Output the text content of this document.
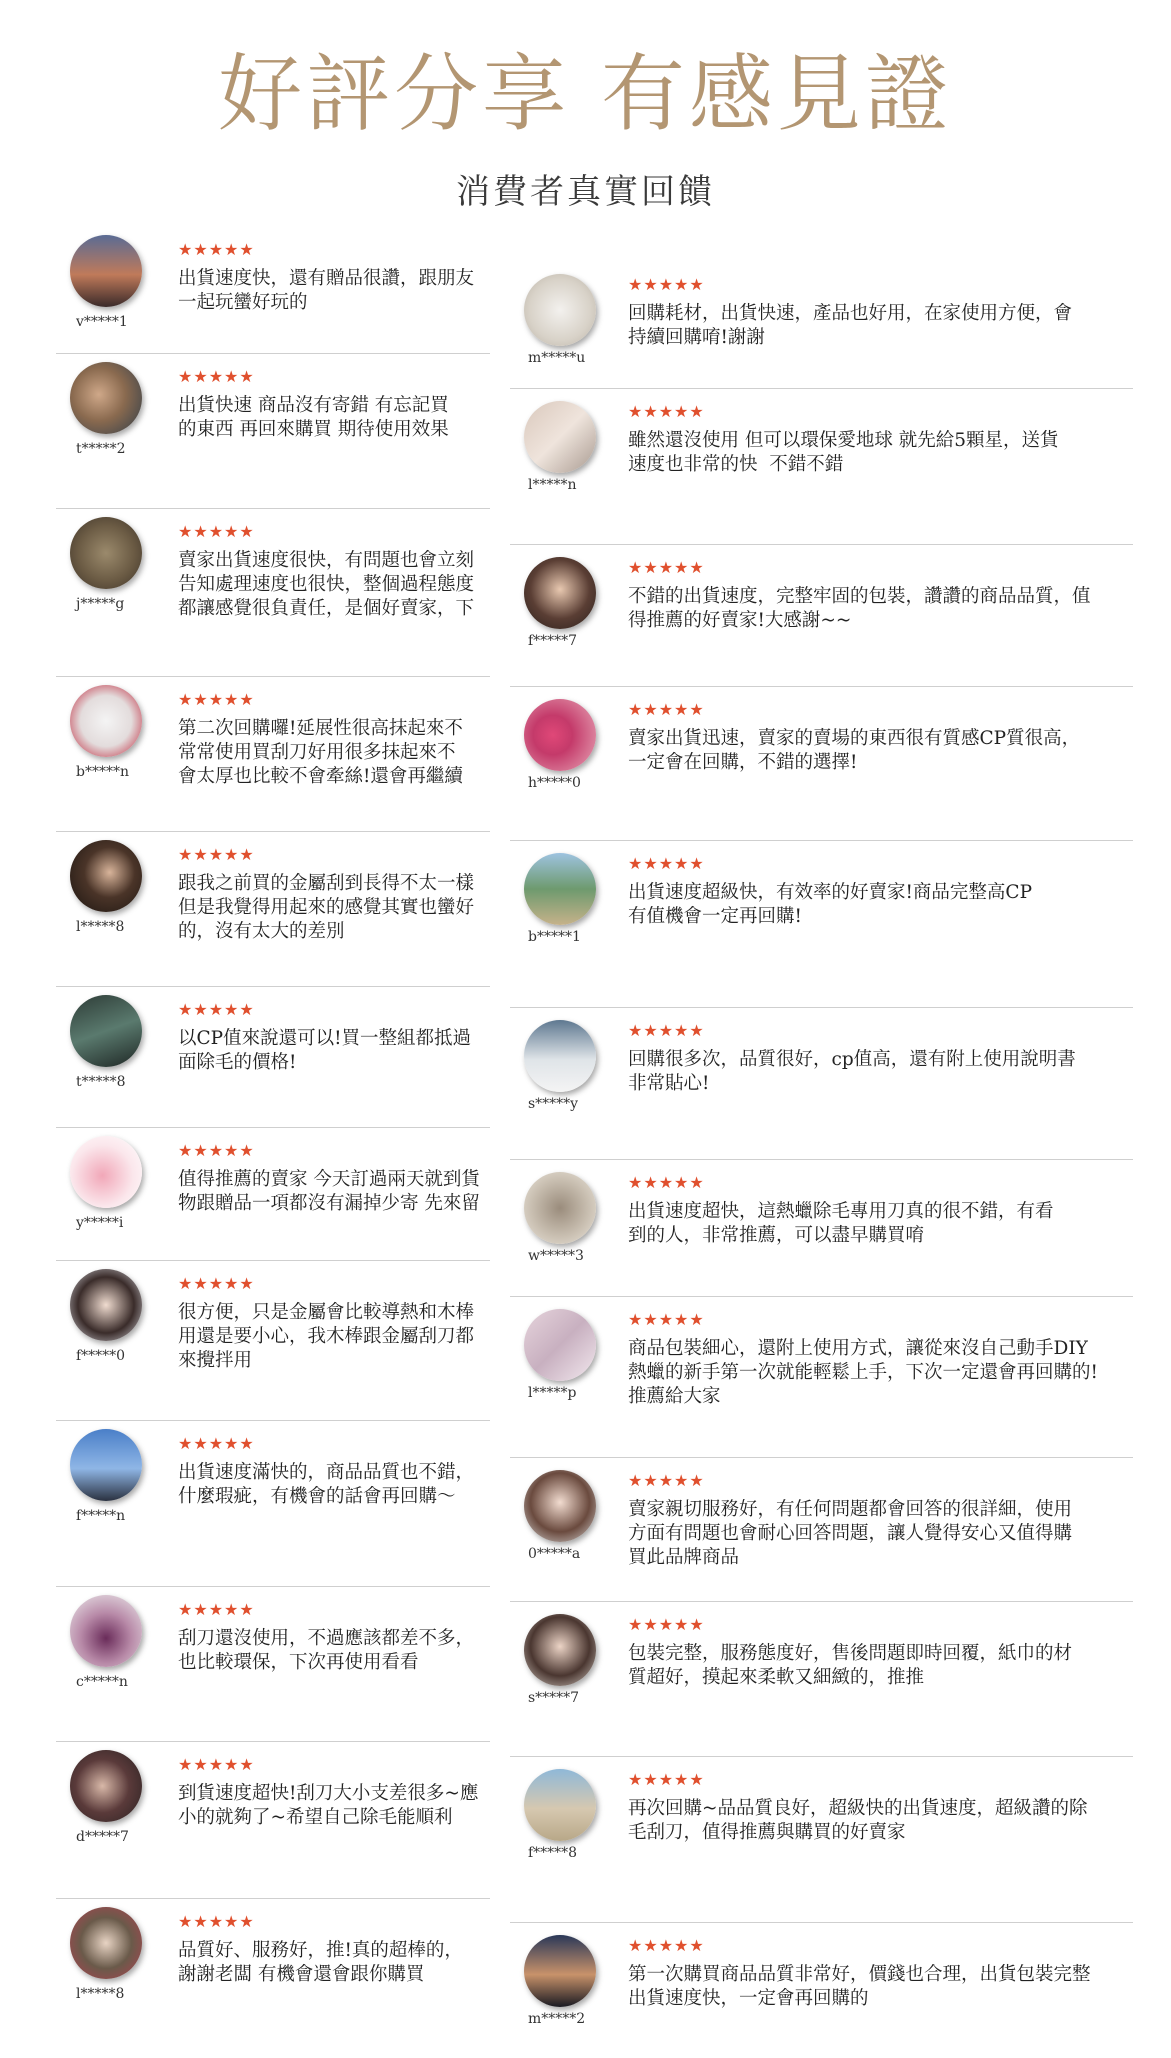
好評分享 有感見證
消費者真實回饋
v*****1
★★★★★
出貨速度快，還有贈品很讚，跟朋友
一起玩蠻好玩的
t*****2
★★★★★
出貨快速 商品沒有寄錯 有忘記買
的東西 再回來購買 期待使用效果
j*****g
★★★★★
賣家出貨速度很快，有問題也會立刻
告知處理速度也很快，整個過程態度
都讓感覺很負責任，是個好賣家，下
b*****n
★★★★★
第二次回購囉!延展性很高抹起來不
常常使用買刮刀好用很多抹起來不
會太厚也比較不會牽絲!還會再繼續
l*****8
★★★★★
跟我之前買的金屬刮到長得不太一樣
但是我覺得用起來的感覺其實也蠻好
的，沒有太大的差別
t*****8
★★★★★
以CP值來說還可以!買一整組都抵過
面除毛的價格!
y*****i
★★★★★
值得推薦的賣家 今天訂過兩天就到貨
物跟贈品一項都沒有漏掉少寄 先來留
f*****0
★★★★★
很方便，只是金屬會比較導熱和木棒
用還是要小心，我木棒跟金屬刮刀都
來攪拌用
f*****n
★★★★★
出貨速度滿快的，商品品質也不錯，
什麼瑕疵，有機會的話會再回購～
c*****n
★★★★★
刮刀還沒使用，不過應該都差不多，
也比較環保，下次再使用看看
d*****7
★★★★★
到貨速度超快!刮刀大小支差很多~應
小的就夠了~希望自己除毛能順利
l*****8
★★★★★
品質好、服務好，推!真的超棒的，
謝謝老闆 有機會還會跟你購買
m*****u
★★★★★
回購耗材，出貨快速，產品也好用，在家使用方便，會
持續回購唷!謝謝
l*****n
★★★★★
雖然還沒使用 但可以環保愛地球 就先給5顆星，送貨
速度也非常的快  不錯不錯
f*****7
★★★★★
不錯的出貨速度，完整牢固的包裝，讚讚的商品品質，值
得推薦的好賣家!大感謝~~
h*****0
★★★★★
賣家出貨迅速，賣家的賣場的東西很有質感CP質很高，
一定會在回購，不錯的選擇!
b*****1
★★★★★
出貨速度超級快，有效率的好賣家!商品完整高CP
有值機會一定再回購!
s*****y
★★★★★
回購很多次，品質很好，cp值高，還有附上使用說明書
非常貼心!
w*****3
★★★★★
出貨速度超快，這熱蠟除毛專用刀真的很不錯，有看
到的人，非常推薦，可以盡早購買唷
l*****p
★★★★★
商品包裝細心，還附上使用方式，讓從來沒自己動手DIY
熱蠟的新手第一次就能輕鬆上手，下次一定還會再回購的!
推薦給大家
0*****a
★★★★★
賣家親切服務好，有任何問題都會回答的很詳細，使用
方面有問題也會耐心回答問題，讓人覺得安心又值得購
買此品牌商品
s*****7
★★★★★
包裝完整，服務態度好，售後問題即時回覆，紙巾的材
質超好，摸起來柔軟又細緻的，推推
f*****8
★★★★★
再次回購~品品質良好，超級快的出貨速度，超級讚的除
毛刮刀，值得推薦與購買的好賣家
m*****2
★★★★★
第一次購買商品品質非常好，價錢也合理，出貨包裝完整
出貨速度快，一定會再回購的
